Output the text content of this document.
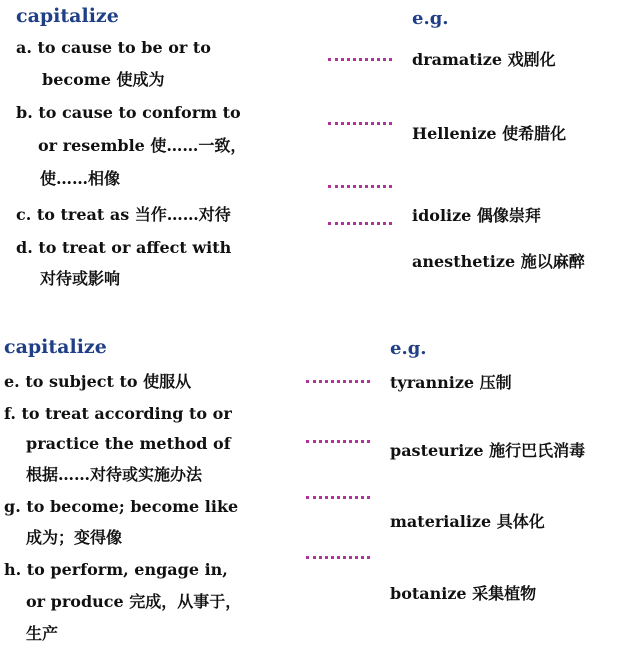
capitalize	e.g.
a. to cause to be or to
become 使成为
b. to cause to conform to
or resemble 使……一致，
使……相像
c. to treat as 当作……对待
d. to treat or affect with
对待或影响
dramatize 戏剧化
Hellenize 使希腊化
idolize 偶像崇拜
anesthetize 施以麻醉
capitalize	e.g.
e. to subject to 使服从
f. to treat according to or
practice the method of
根据……对待或实施办法
g. to become; become like
成为；变得像
h. to perform, engage in,
or produce 完成，从事于，
生产
tyrannize 压制
pasteurize 施行巴氏消毒
materialize 具体化
botanize 采集植物
